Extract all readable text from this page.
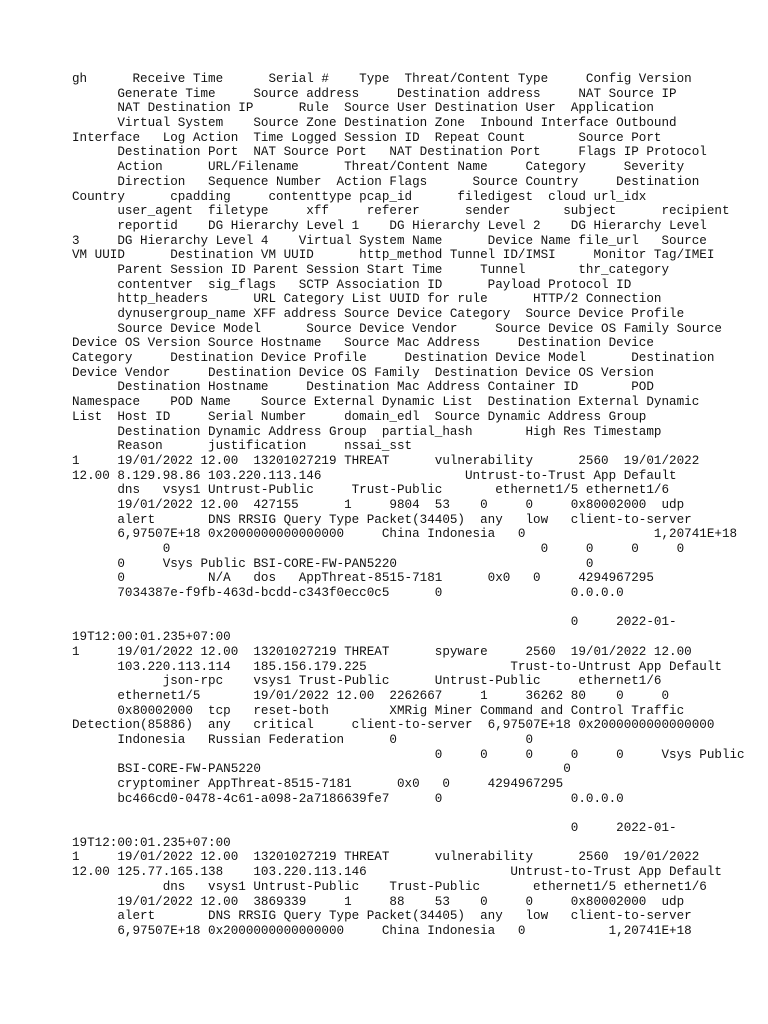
gh      Receive Time      Serial #    Type  Threat/Content Type     Config Version
Generate Time     Source address     Destination address     NAT Source IP
NAT Destination IP      Rule  Source User Destination User  Application
Virtual System    Source Zone Destination Zone  Inbound Interface Outbound
Interface   Log Action  Time Logged Session ID  Repeat Count       Source Port
Destination Port  NAT Source Port   NAT Destination Port     Flags IP Protocol
Action      URL/Filename      Threat/Content Name     Category     Severity
Direction   Sequence Number  Action Flags      Source Country     Destination
Country      cpadding     contenttype pcap_id      filedigest  cloud url_idx
user_agent  filetype     xff     referer      sender       subject      recipient
reportid    DG Hierarchy Level 1    DG Hierarchy Level 2    DG Hierarchy Level
3     DG Hierarchy Level 4    Virtual System Name      Device Name file_url   Source
VM UUID      Destination VM UUID      http_method Tunnel ID/IMSI     Monitor Tag/IMEI
Parent Session ID Parent Session Start Time     Tunnel       thr_category
contentver  sig_flags   SCTP Association ID      Payload Protocol ID
http_headers      URL Category List UUID for rule      HTTP/2 Connection
dynusergroup_name XFF address Source Device Category  Source Device Profile
Source Device Model      Source Device Vendor     Source Device OS Family Source
Device OS Version Source Hostname   Source Mac Address     Destination Device
Category     Destination Device Profile     Destination Device Model      Destination
Device Vendor     Destination Device OS Family  Destination Device OS Version
Destination Hostname     Destination Mac Address Container ID       POD
Namespace    POD Name    Source External Dynamic List  Destination External Dynamic
List  Host ID     Serial Number     domain_edl  Source Dynamic Address Group
Destination Dynamic Address Group  partial_hash       High Res Timestamp
Reason      justification     nssai_sst
1     19/01/2022 12.00  13201027219 THREAT      vulnerability      2560  19/01/2022
12.00 8.129.98.86 103.220.113.146                   Untrust-to-Trust App Default
dns   vsys1 Untrust-Public     Trust-Public       ethernet1/5 ethernet1/6
19/01/2022 12.00  427155      1     9804  53    0     0     0x80002000  udp
alert       DNS RRSIG Query Type Packet(34405)  any   low   client-to-server
6,97507E+18 0x2000000000000000     China Indonesia   0                 1,20741E+18
0                                                 0     0     0     0
0     Vsys Public BSI-CORE-FW-PAN5220                         0
0           N/A   dos   AppThreat-8515-7181      0x0   0     4294967295
7034387e-f9fb-463d-bcdd-c343f0ecc0c5      0                 0.0.0.0
0     2022-01-
19T12:00:01.235+07:00
1     19/01/2022 12.00  13201027219 THREAT      spyware     2560  19/01/2022 12.00
103.220.113.114   185.156.179.225                   Trust-to-Untrust App Default
json-rpc    vsys1 Trust-Public      Untrust-Public     ethernet1/6
ethernet1/5       19/01/2022 12.00  2262667     1     36262 80    0     0
0x80002000  tcp   reset-both        XMRig Miner Command and Control Traffic
Detection(85886)  any   critical     client-to-server  6,97507E+18 0x2000000000000000
Indonesia   Russian Federation      0                 0
0     0     0     0     0     Vsys Public
BSI-CORE-FW-PAN5220                                        0
cryptominer AppThreat-8515-7181      0x0   0     4294967295
bc466cd0-0478-4c61-a098-2a7186639fe7      0                 0.0.0.0
0     2022-01-
19T12:00:01.235+07:00
1     19/01/2022 12.00  13201027219 THREAT      vulnerability      2560  19/01/2022
12.00 125.77.165.138    103.220.113.146                   Untrust-to-Trust App Default
dns   vsys1 Untrust-Public    Trust-Public       ethernet1/5 ethernet1/6
19/01/2022 12.00  3869339     1     88    53    0     0     0x80002000  udp
alert       DNS RRSIG Query Type Packet(34405)  any   low   client-to-server
6,97507E+18 0x2000000000000000     China Indonesia   0           1,20741E+18
